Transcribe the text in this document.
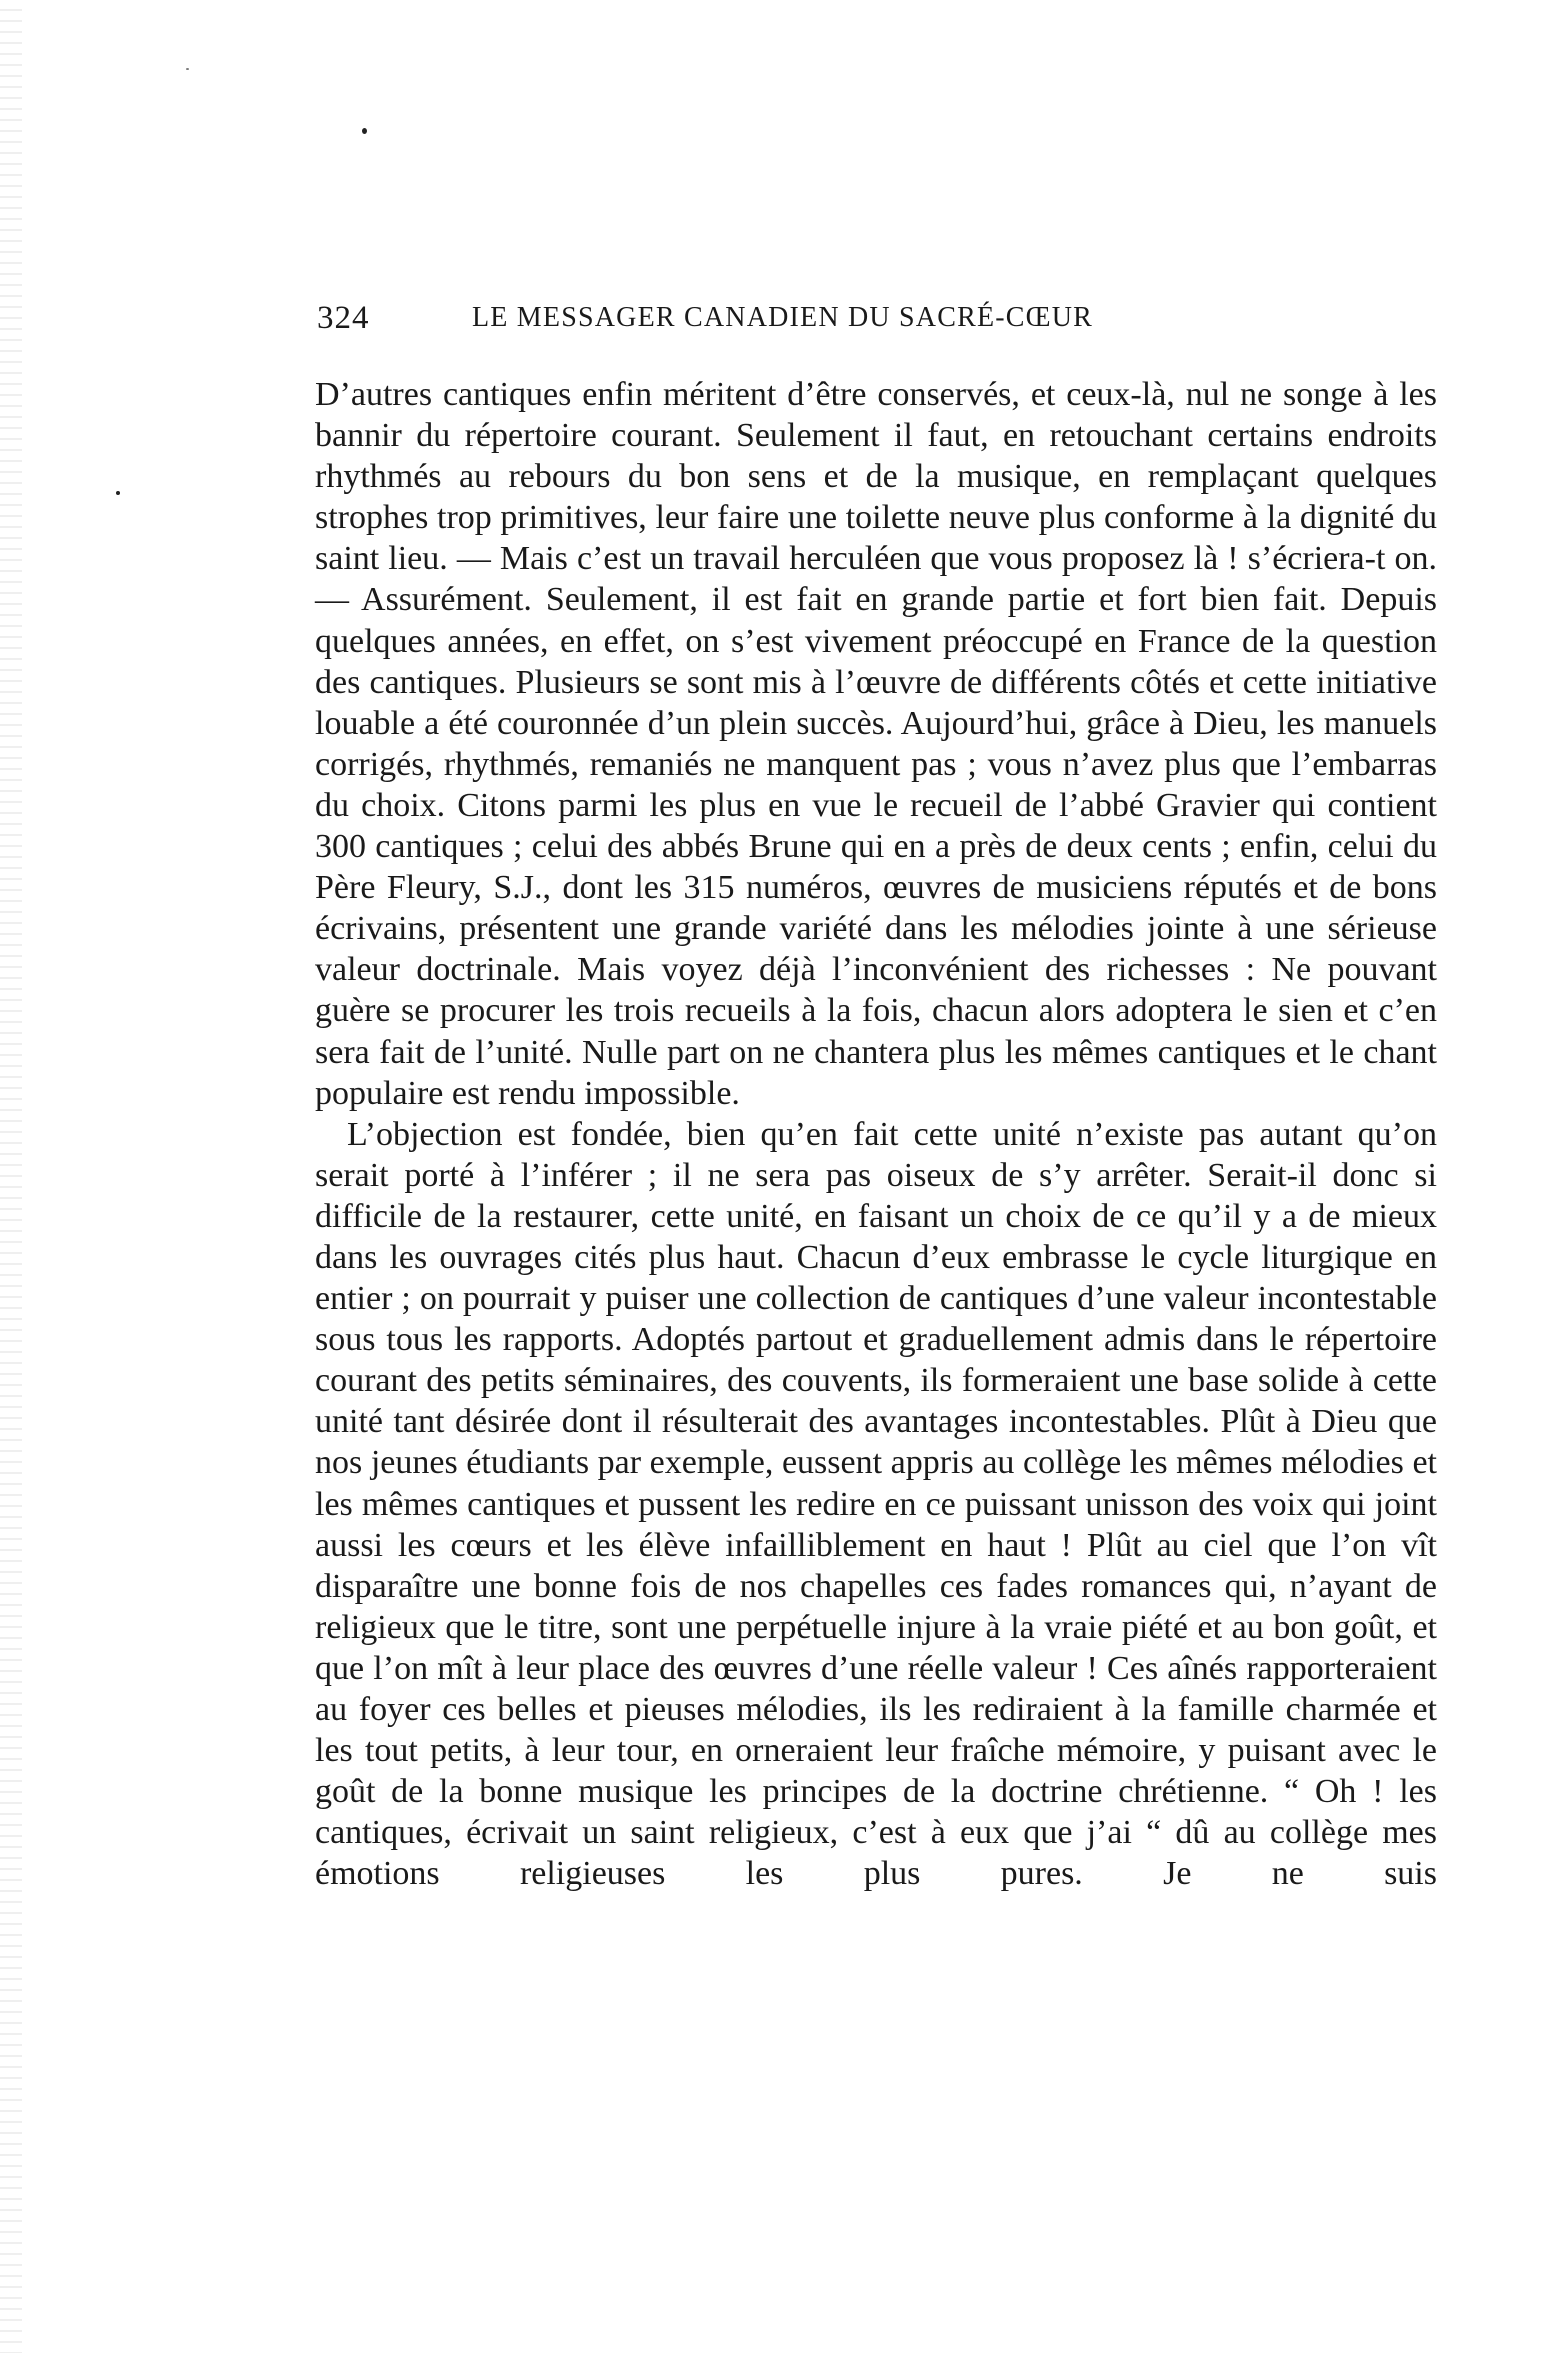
324	LE MESSAGER CANADIEN DU SACRÉ-CŒUR

D’autres cantiques enfin méritent d’être conservés, et ceux-là, nul ne songe à les bannir du répertoire courant. Seulement il faut, en retouchant certains endroits rhythmés au rebours du bon sens et de la musique, en remplaçant quelques strophes trop primitives, leur faire une toilette neuve plus conforme à la dignité du saint lieu. — Mais c’est un travail herculéen que vous proposez là ! s’écriera-t on. — Assurément. Seulement, il est fait en grande partie et fort bien fait. Depuis quelques années, en effet, on s’est vivement préoccupé en France de la question des cantiques. Plusieurs se sont mis à l’œuvre de différents côtés et cette initiative louable a été couronnée d’un plein succès. Aujourd’hui, grâce à Dieu, les manuels corrigés, rhythmés, remaniés ne manquent pas ; vous n’avez plus que l’embarras du choix. Citons parmi les plus en vue le recueil de l’abbé Gravier qui contient 300 cantiques ; celui des abbés Brune qui en a près de deux cents ; enfin, celui du Père Fleury, S.J., dont les 315 numéros, œuvres de musiciens réputés et de bons écrivains, présentent une grande variété dans les mélodies jointe à une sérieuse valeur doctrinale. Mais voyez déjà l’inconvénient des richesses : Ne pouvant guère se procurer les trois recueils à la fois, chacun alors adoptera le sien et c’en sera fait de l’unité. Nulle part on ne chantera plus les mêmes cantiques et le chant populaire est rendu impossible.

L’objection est fondée, bien qu’en fait cette unité n’existe pas autant qu’on serait porté à l’inférer ; il ne sera pas oiseux de s’y arrêter. Serait-il donc si difficile de la restaurer, cette unité, en faisant un choix de ce qu’il y a de mieux dans les ouvrages cités plus haut. Chacun d’eux embrasse le cycle liturgique en entier ; on pourrait y puiser une collection de cantiques d’une valeur incontestable sous tous les rapports. Adoptés partout et graduellement admis dans le répertoire courant des petits séminaires, des couvents, ils formeraient une base solide à cette unité tant désirée dont il résulterait des avantages incontestables. Plût à Dieu que nos jeunes étudiants par exemple, eussent appris au collège les mêmes mélodies et les mêmes cantiques et pussent les redire en ce puissant unisson des voix qui joint aussi les cœurs et les élève infailliblement en haut ! Plût au ciel que l’on vît disparaître une bonne fois de nos chapelles ces fades romances qui, n’ayant de religieux que le titre, sont une perpétuelle injure à la vraie piété et au bon goût, et que l’on mît à leur place des œuvres d’une réelle valeur ! Ces aînés rapporteraient au foyer ces belles et pieuses mélodies, ils les rediraient à la famille charmée et les tout petits, à leur tour, en orneraient leur fraîche mémoire, y puisant avec le goût de la bonne musique les principes de la doctrine chrétienne. “ Oh ! les cantiques, écrivait un saint religieux, c’est à eux que j’ai “ dû au collège mes émotions religieuses les plus pures. Je ne suis
